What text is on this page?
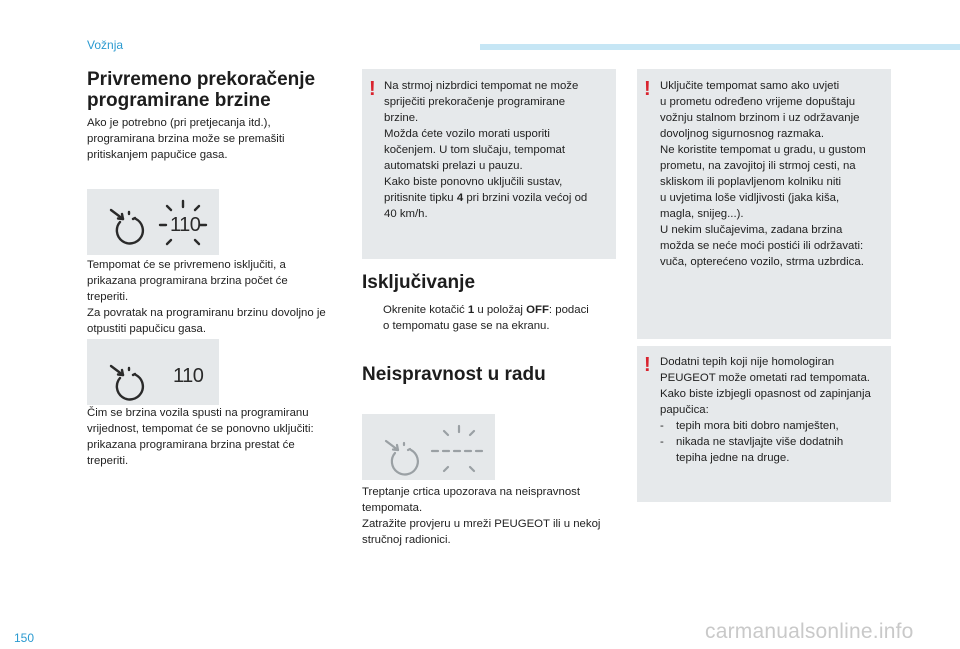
Vožnja
Privremeno prekoračenje
programirane brzine
Ako je potrebno (pri pretjecanja itd.),
programirana brzina može se premašiti
pritiskanjem papučice gasa.
110
Tempomat će se privremeno isključiti, a
prikazana programirana brzina počet će
treperiti.
Za povratak na programiranu brzinu dovoljno je
otpustiti papučicu gasa.
110
Čim se brzina vozila spusti na programiranu
vrijednost, tempomat će se ponovno uključiti:
prikazana programirana brzina prestat će
treperiti.
! Na strmoj nizbrdici tempomat ne može
spriječiti prekoračenje programirane
brzine.
Možda ćete vozilo morati usporiti
kočenjem. U tom slučaju, tempomat
automatski prelazi u pauzu.
Kako biste ponovno uključili sustav,
pritisnite tipku 4 pri brzini vozila većoj od
40 km/h.
Isključivanje
Okrenite kotačić 1 u položaj OFF: podaci
o tempomatu gase se na ekranu.
Neispravnost u radu
Treptanje crtica upozorava na neispravnost
tempomata.
Zatražite provjeru u mreži PEUGEOT ili u nekoj
stručnoj radionici.
! Uključite tempomat samo ako uvjeti
u prometu određeno vrijeme dopuštaju
vožnju stalnom brzinom i uz održavanje
dovoljnog sigurnosnog razmaka.
Ne koristite tempomat u gradu, u gustom
prometu, na zavojitoj ili strmoj cesti, na
skliskom ili poplavljenom kolniku niti
u uvjetima loše vidljivosti (jaka kiša,
magla, snijeg...).
U nekim slučajevima, zadana brzina
možda se neće moći postići ili održavati:
vuča, opterećeno vozilo, strma uzbrdica.
! Dodatni tepih koji nije homologiran
PEUGEOT može ometati rad tempomata.
Kako biste izbjegli opasnost od zapinjanja
papučica:
- tepih mora biti dobro namješten,
- nikada ne stavljajte više dodatnih
tepiha jedne na druge.
150	carmanualsonline.info
